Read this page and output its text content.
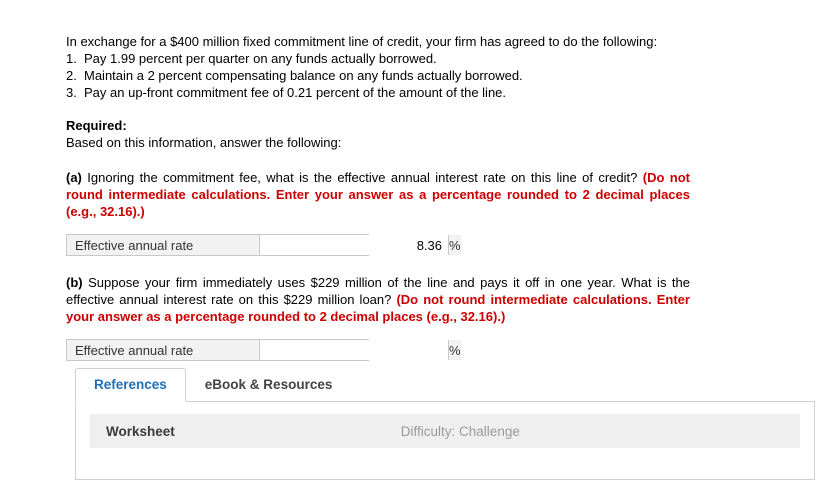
In exchange for a $400 million fixed commitment line of credit, your firm has agreed to do the following:
1. Pay 1.99 percent per quarter on any funds actually borrowed.
2. Maintain a 2 percent compensating balance on any funds actually borrowed.
3. Pay an up-front commitment fee of 0.21 percent of the amount of the line.
Required:
Based on this information, answer the following:
(a) Ignoring the commitment fee, what is the effective annual interest rate on this line of credit? (Do not round intermediate calculations. Enter your answer as a percentage rounded to 2 decimal places (e.g., 32.16).)
Effective annual rate
8.36	%
(b) Suppose your firm immediately uses $229 million of the line and pays it off in one year. What is the effective annual interest rate on this $229 million loan? (Do not round intermediate calculations. Enter your answer as a percentage rounded to 2 decimal places (e.g., 32.16).)
Effective annual rate	%
References	eBook & Resources
Worksheet	Difficulty: Challenge
